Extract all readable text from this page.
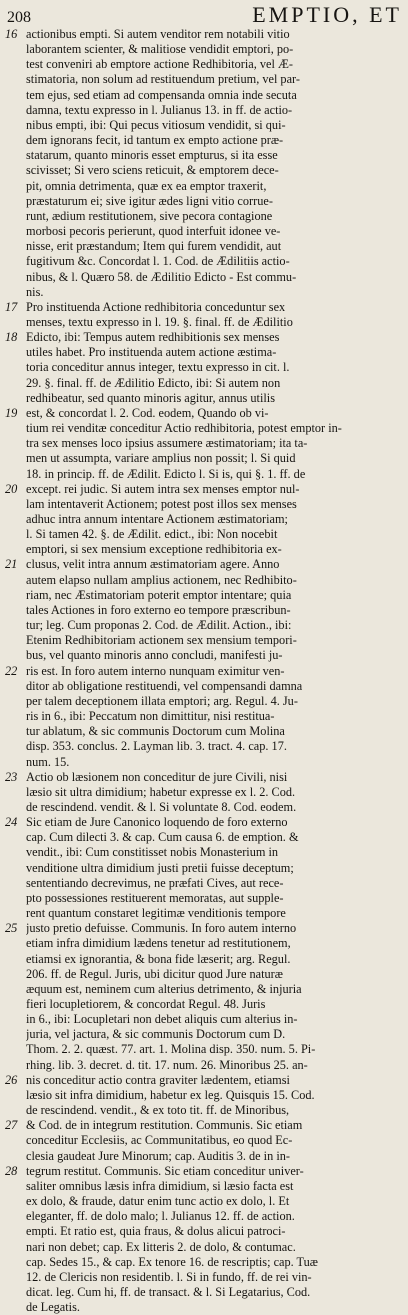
208	EMPTIO, ET
16 actionibus empti. Si autem venditor rem notabili vitio
laborantem scienter, & malitiose vendidit emptori, po-
test conveniri ab emptore actione Redhibitoria, vel Æ-
stimatoria, non solum ad restituendum pretium, vel par-
tem ejus, sed etiam ad compensanda omnia inde secuta
damna, textu expresso in l. Julianus 13. in ff. de actio-
nibus empti, ibi: Qui pecus vitiosum vendidit, si qui-
dem ignorans fecit, id tantum ex empto actione præ-
statarum, quanto minoris esset empturus, si ita esse
scivisset; Si vero sciens reticuit, & emptorem dece-
pit, omnia detrimenta, quæ ex ea emptor traxerit,
præstaturum ei; sive igitur ædes ligni vitio corrue-
runt, ædium restitutionem, sive pecora contagione
morbosi pecoris perierunt, quod interfuit idonee ve-
nisse, erit præstandum; Item qui furem vendidit, aut
fugitivum &c. Concordat l. 1. Cod. de Ædilitiis actio-
nibus, & l. Quæro 58. de Ædilitio Edicto - Est commu-
nis.
17 Pro instituenda Actione redhibitoria conceduntur sex
menses, textu expresso in l. 19. §. final. ff. de Ædilitio
18 Edicto, ibi: Tempus autem redhibitionis sex menses
utiles habet. Pro instituenda autem actione æstima-
toria conceditur annus integer, textu expresso in cit. l.
29. §. final. ff. de Ædilitio Edicto, ibi: Si autem non
redhibeatur, sed quanto minoris agitur, annus utilis
19 est, & concordat l. 2. Cod. eodem, Quando ob vi-
tium rei venditæ conceditur Actio redhibitoria, potest emptor in-
tra sex menses loco ipsius assumere æstimatoriam; ita ta-
men ut assumpta, variare amplius non possit; l. Si quid
18. in princip. ff. de Ædilit. Edicto l. Si is, qui §. 1. ff. de
20 except. rei judic. Si autem intra sex menses emptor nul-
lam intentaverit Actionem; potest post illos sex menses
adhuc intra annum intentare Actionem æstimatoriam;
l. Si tamen 42. §. de Ædilit. edict., ibi: Non nocebit
emptori, si sex mensium exceptione redhibitoria ex-
21 clusus, velit intra annum æstimatoriam agere. Anno
autem elapso nullam amplius actionem, nec Redhibito-
riam, nec Æstimatoriam poterit emptor intentare; quia
tales Actiones in foro externo eo tempore præscribun-
tur; leg. Cum proponas 2. Cod. de Ædilit. Action., ibi:
Etenim Redhibitoriam actionem sex mensium tempori-
bus, vel quanto minoris anno concludi, manifesti ju-
22 ris est. In foro autem interno nunquam eximitur ven-
ditor ab obligatione restituendi, vel compensandi damna
per talem deceptionem illata emptori; arg. Regul. 4. Ju-
ris in 6., ibi: Peccatum non dimittitur, nisi restitua-
tur ablatum, & sic communis Doctorum cum Molina
disp. 353. conclus. 2. Layman lib. 3. tract. 4. cap. 17.
num. 15.
23 Actio ob læsionem non conceditur de jure Civili, nisi
læsio sit ultra dimidium; habetur expresse ex l. 2. Cod.
de rescindend. vendit. & l. Si voluntate 8. Cod. eodem.
24 Sic etiam de Jure Canonico loquendo de foro externo
cap. Cum dilecti 3. & cap. Cum causa 6. de emption. &
vendit., ibi: Cum constitisset nobis Monasterium in
venditione ultra dimidium justi pretii fuisse deceptum;
sententiando decrevimus, ne præfati Cives, aut rece-
pto possessiones restituerent memoratas, aut supple-
rent quantum constaret legitimæ venditionis tempore
25 justo pretio defuisse. Communis. In foro autem interno
etiam infra dimidium lædens tenetur ad restitutionem,
etiamsi ex ignorantia, & bona fide læserit; arg. Regul.
206. ff. de Regul. Juris, ubi dicitur quod Jure naturæ
æquum est, neminem cum alterius detrimento, & injuria
fieri locupletiorem, & concordat Regul. 48. Juris
in 6., ibi: Locupletari non debet aliquis cum alterius in-
juria, vel jactura, & sic communis Doctorum cum D.
Thom. 2. 2. quæst. 77. art. 1. Molina disp. 350. num. 5. Pi-
rhing. lib. 3. decret. d. tit. 17. num. 26. Minoribus 25. an-
26 nis conceditur actio contra graviter lædentem, etiamsi
læsio sit infra dimidium, habetur ex leg. Quisquis 15. Cod.
de rescindend. vendit., & ex toto tit. ff. de Minoribus,
27 & Cod. de in integrum restitution. Communis. Sic etiam
conceditur Ecclesiis, ac Communitatibus, eo quod Ec-
clesia gaudeat Jure Minorum; cap. Auditis 3. de in in-
28 tegrum restitut. Communis. Sic etiam conceditur univer-
saliter omnibus læsis infra dimidium, si læsio facta est
ex dolo, & fraude, datur enim tunc actio ex dolo, l. Et
eleganter, ff. de dolo malo; l. Julianus 12. ff. de action.
empti. Et ratio est, quia fraus, & dolus alicui patroci-
nari non debet; cap. Ex litteris 2. de dolo, & contumac.
cap. Sedes 15., & cap. Ex tenore 16. de rescriptis; cap. Tuæ
12. de Clericis non residentib. l. Si in fundo, ff. de rei vin-
dicat. leg. Cum hi, ff. de transact. & l. Si Legatarius, Cod.
de Legatis.
